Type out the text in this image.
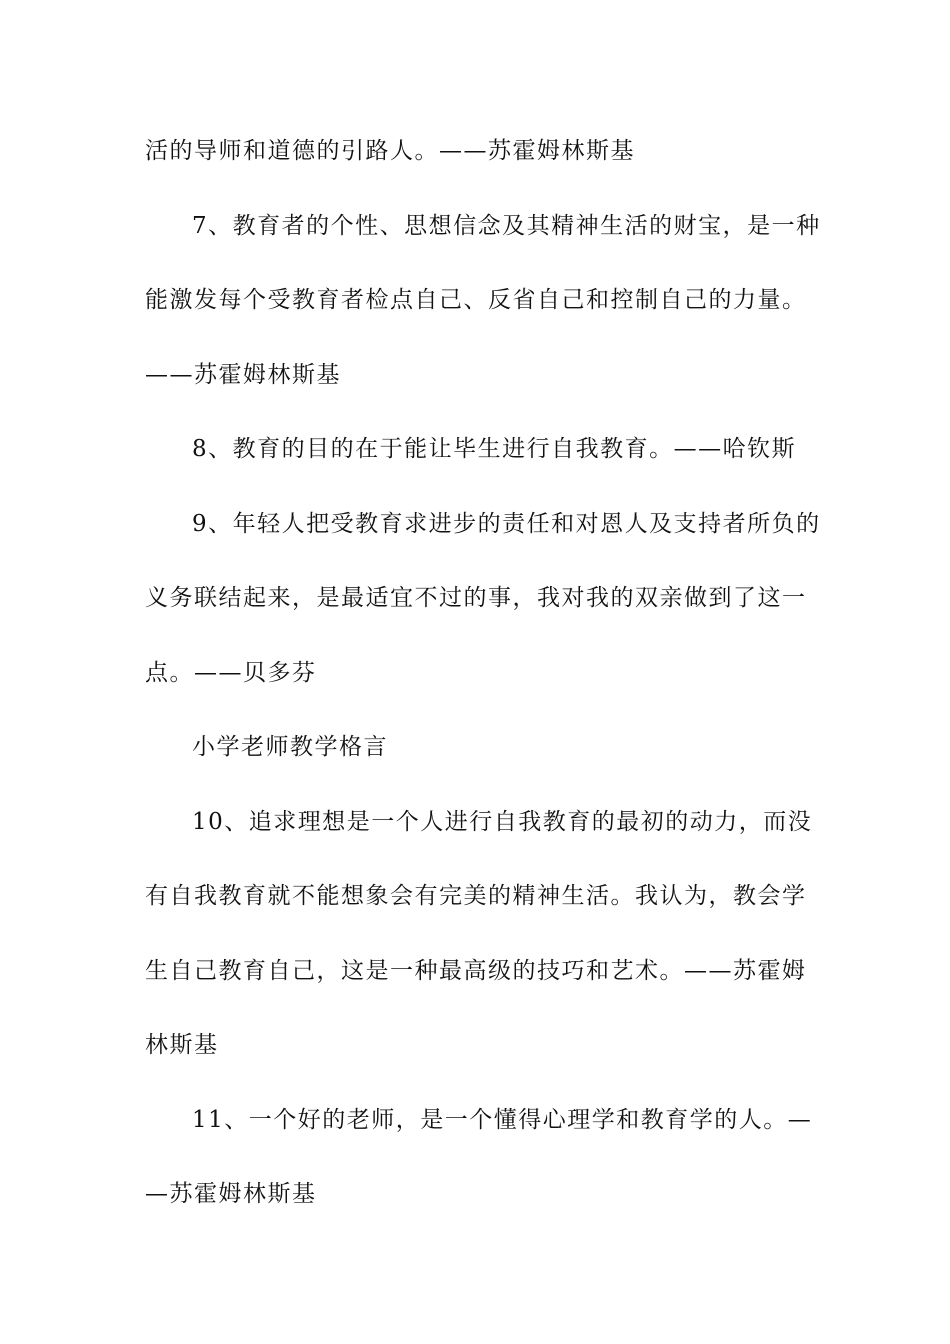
活的导师和道德的引路人。——苏霍姆林斯基
7、教育者的个性、思想信念及其精神生活的财宝，是一种
能激发每个受教育者检点自己、反省自己和控制自己的力量。
——苏霍姆林斯基
8、教育的目的在于能让毕生进行自我教育。——哈钦斯
9、年轻人把受教育求进步的责任和对恩人及支持者所负的
义务联结起来，是最适宜不过的事，我对我的双亲做到了这一
点。——贝多芬
小学老师教学格言
10、追求理想是一个人进行自我教育的最初的动力，而没
有自我教育就不能想象会有完美的精神生活。我认为，教会学
生自己教育自己，这是一种最高级的技巧和艺术。——苏霍姆
林斯基
11、一个好的老师，是一个懂得心理学和教育学的人。—
—苏霍姆林斯基
